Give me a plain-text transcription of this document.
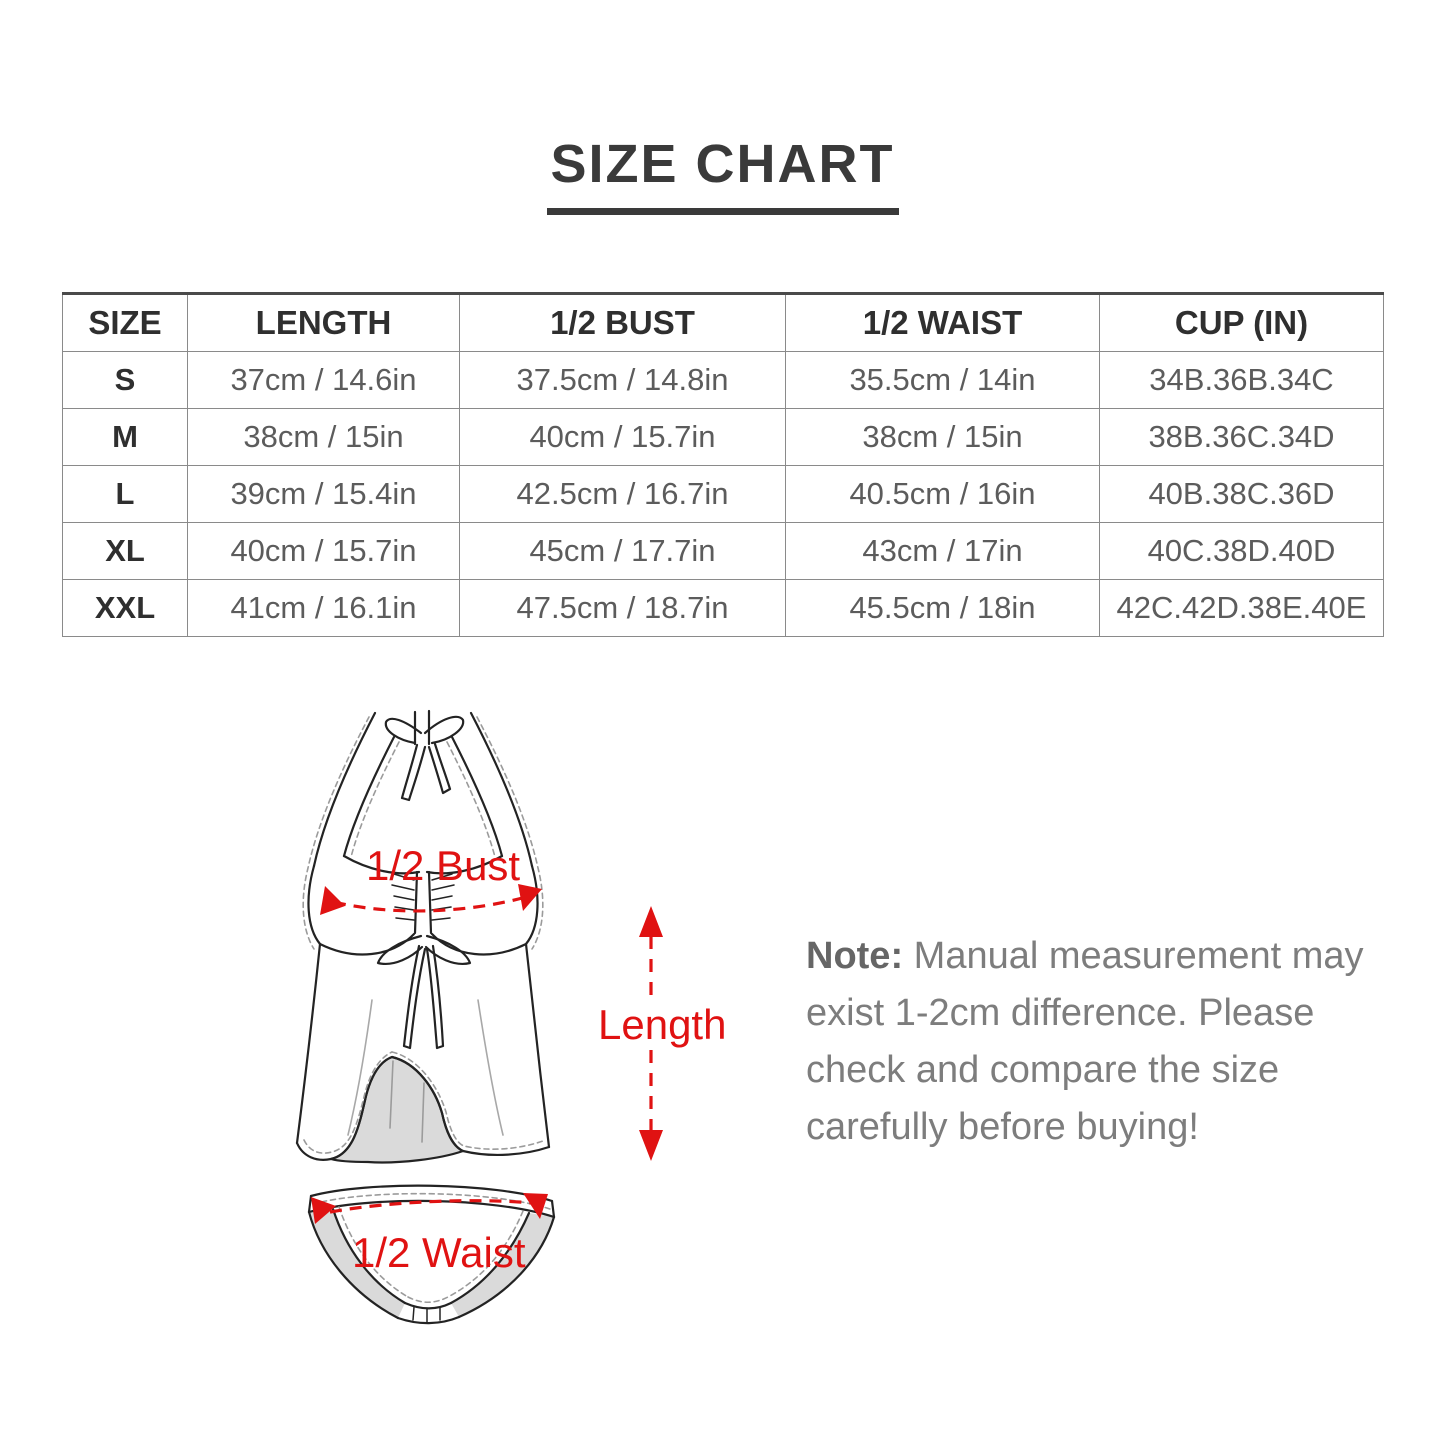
SIZE CHART
SIZE	LENGTH	1/2 BUST	1/2 WAIST	CUP (IN)
S	37cm / 14.6in	37.5cm / 14.8in	35.5cm / 14in	34B.36B.34C
M	38cm / 15in	40cm / 15.7in	38cm / 15in	38B.36C.34D
L	39cm / 15.4in	42.5cm / 16.7in	40.5cm / 16in	40B.38C.36D
XL	40cm / 15.7in	45cm / 17.7in	43cm / 17in	40C.38D.40D
XXL	41cm / 16.1in	47.5cm / 18.7in	45.5cm / 18in	42C.42D.38E.40E
1/2 Bust
Length
1/2 Waist
Note: Manual measurement may
exist 1-2cm difference. Please
check and compare the size
carefully before buying!
